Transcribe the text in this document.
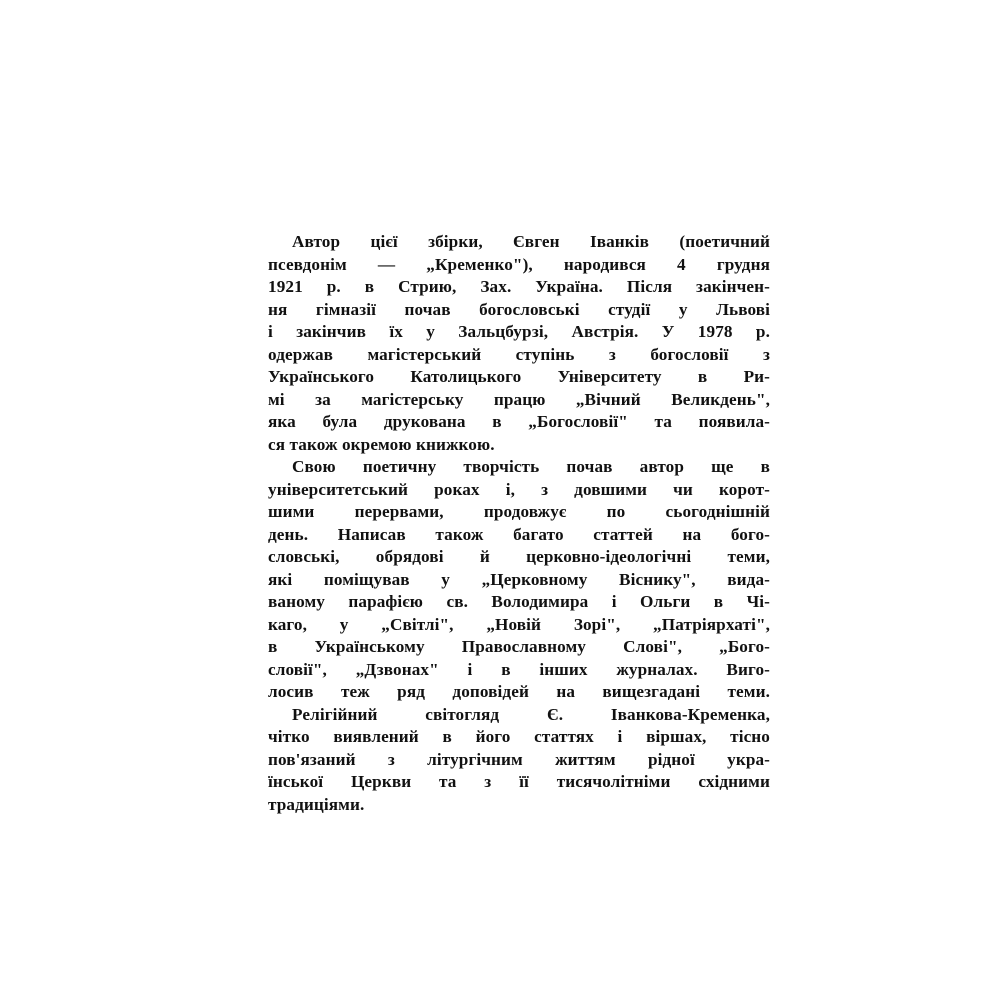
Автор цієї збірки, Євген Іванків (поетичний
псевдонім — „Кременко"), народився 4 грудня
1921 р. в Стрию, Зах. Україна. Після закінчен-
ня гімназії почав богословські студії у Львові
і закінчив їх у Зальцбурзі, Австрія. У 1978 р.
одержав магістерський ступінь з богословії з
Українського Католицького Університету в Ри-
мі за магістерську працю „Вічний Великдень",
яка була друкована в „Богословії" та появила-
ся також окремою книжкою.
Свою поетичну творчість почав автор ще в
університетський роках і, з довшими чи корот-
шими перервами, продовжує по сьогоднішній
день. Написав також багато статтей на бого-
словські, обрядові й церковно-ідеологічні теми,
які поміщував у „Церковному Віснику", вида-
ваному парафією св. Володимира і Ольги в Чі-
каго, у „Світлі", „Новій Зорі", „Патріярхаті",
в Українському Православному Слові", „Бого-
словії", „Дзвонах" і в інших журналах. Виго-
лосив теж ряд доповідей на вищезгадані теми.
Релігійний світогляд Є. Іванкова-Кременка,
чітко виявлений в його статтях і віршах, тісно
пов'язаний з літургічним життям рідної укра-
їнської Церкви та з її тисячолітніми східними
традиціями.
